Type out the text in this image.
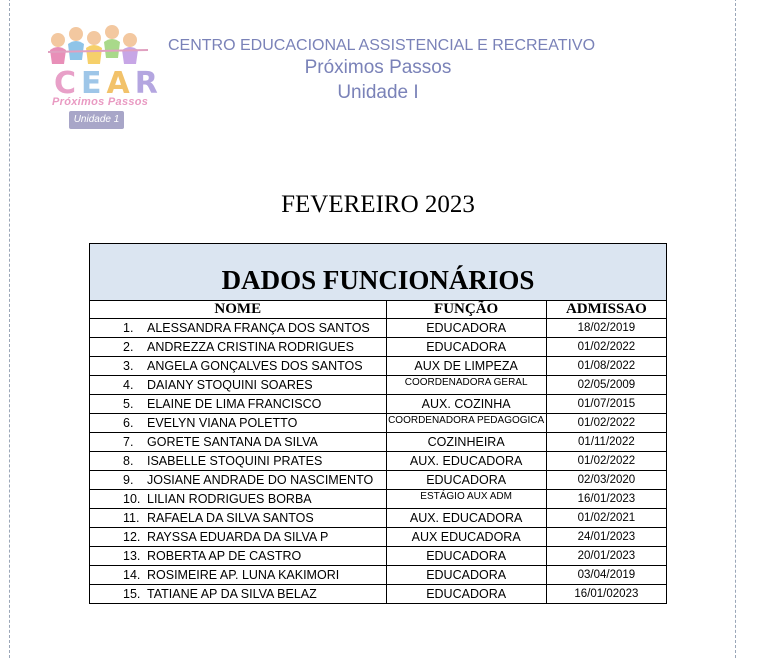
CEAR
Próximos Passos
Unidade 1
CENTRO EDUCACIONAL ASSISTENCIAL E RECREATIVO
Próximos Passos
Unidade I
FEVEREIRO 2023
DADOS FUNCIONÁRIOS		
NOME	FUNÇÃO	ADMISSAO
1. ALESSANDRA FRANÇA DOS SANTOS	EDUCADORA	18/02/2019
2. ANDREZZA CRISTINA RODRIGUES	EDUCADORA	01/02/2022
3. ANGELA GONÇALVES DOS SANTOS	AUX DE LIMPEZA	01/08/2022
4. DAIANY STOQUINI SOARES	COORDENADORA GERAL	02/05/2009
5. ELAINE DE LIMA FRANCISCO	AUX. COZINHA	01/07/2015
6. EVELYN VIANA POLETTO	COORDENADORA PEDAGOGICA	01/02/2022
7. GORETE SANTANA DA SILVA	COZINHEIRA	01/11/2022
8. ISABELLE STOQUINI PRATES	AUX. EDUCADORA	01/02/2022
9. JOSIANE ANDRADE DO NASCIMENTO	EDUCADORA	02/03/2020
10. LILIAN RODRIGUES BORBA	ESTÁGIO AUX ADM	16/01/2023
11. RAFAELA DA SILVA SANTOS	AUX. EDUCADORA	01/02/2021
12. RAYSSA EDUARDA DA SILVA P	AUX EDUCADORA	24/01/2023
13. ROBERTA AP DE CASTRO	EDUCADORA	20/01/2023
14. ROSIMEIRE AP. LUNA KAKIMORI	EDUCADORA	03/04/2019
15. TATIANE AP DA SILVA BELAZ	EDUCADORA	16/01/02023
